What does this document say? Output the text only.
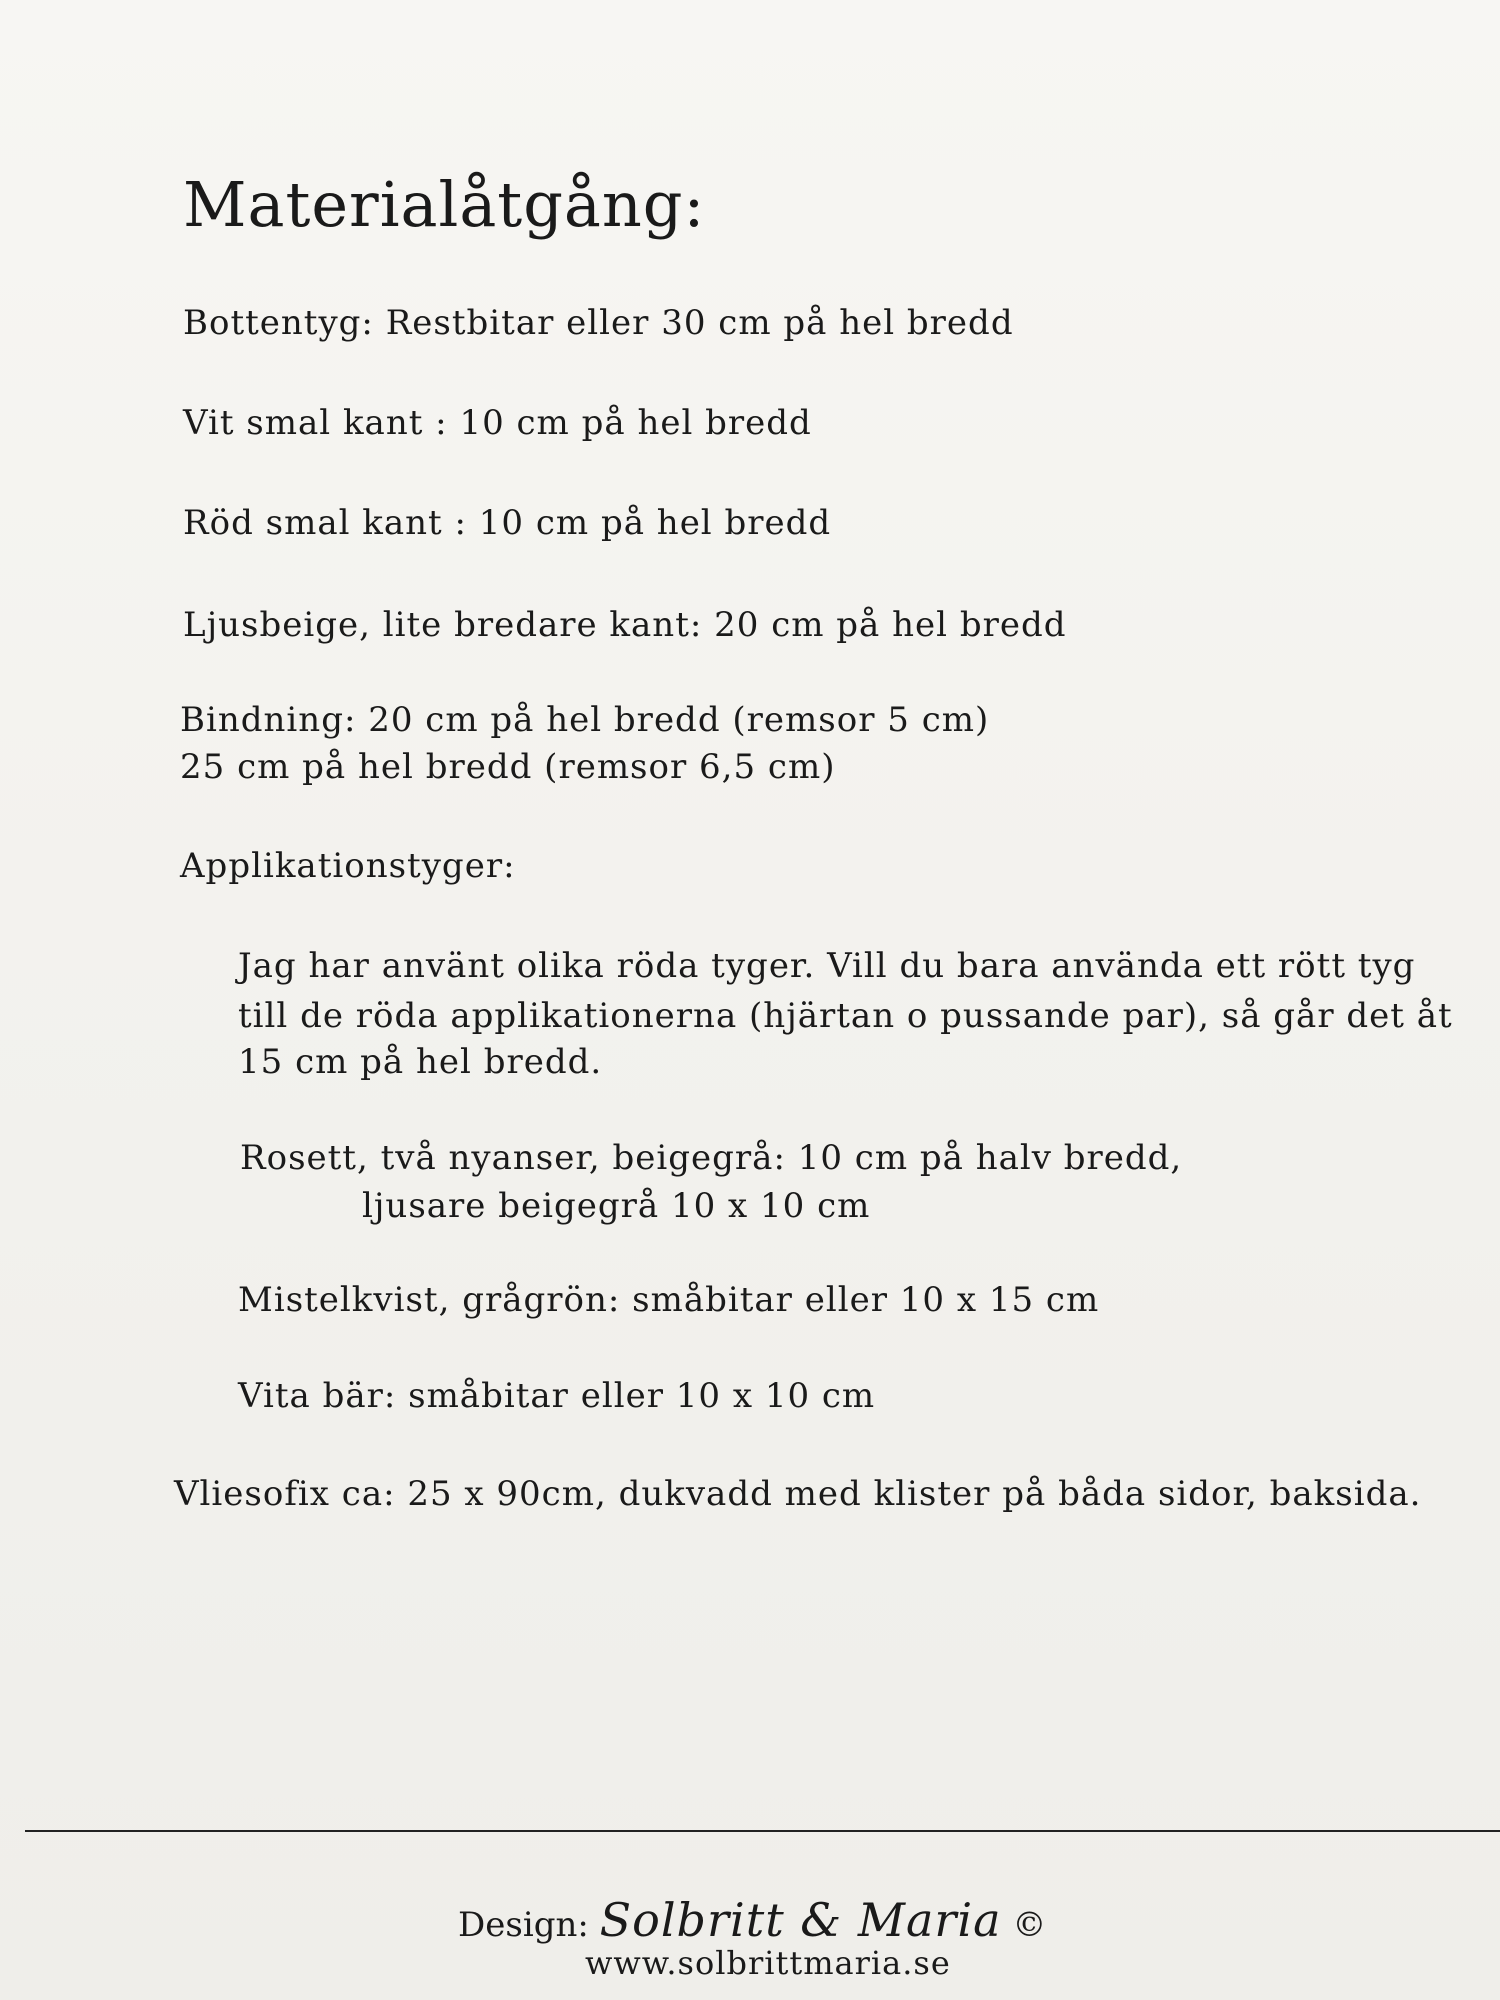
Materialåtgång:

Bottentyg: Restbitar eller 30 cm på hel bredd

Vit smal kant : 10 cm på hel bredd

Röd smal kant : 10 cm på hel bredd

Ljusbeige, lite bredare kant: 20 cm på hel bredd

Bindning: 20 cm på hel bredd (remsor 5 cm)

25 cm på hel bredd (remsor 6,5 cm)

Applikationstyger:

Jag har använt olika röda tyger. Vill du bara använda ett rött tyg

till de röda applikationerna (hjärtan o pussande par), så går det åt

15 cm på hel bredd.

Rosett, två nyanser, beigegrå: 10 cm på halv bredd,

ljusare beigegrå 10 x 10 cm

Mistelkvist, grågrön: småbitar eller 10 x 15 cm

Vita bär: småbitar eller 10 x 10 cm

Vliesofix ca: 25 x 90cm, dukvadd med klister på båda sidor, baksida.

Design: Solbritt & Maria ©
www.solbrittmaria.se
